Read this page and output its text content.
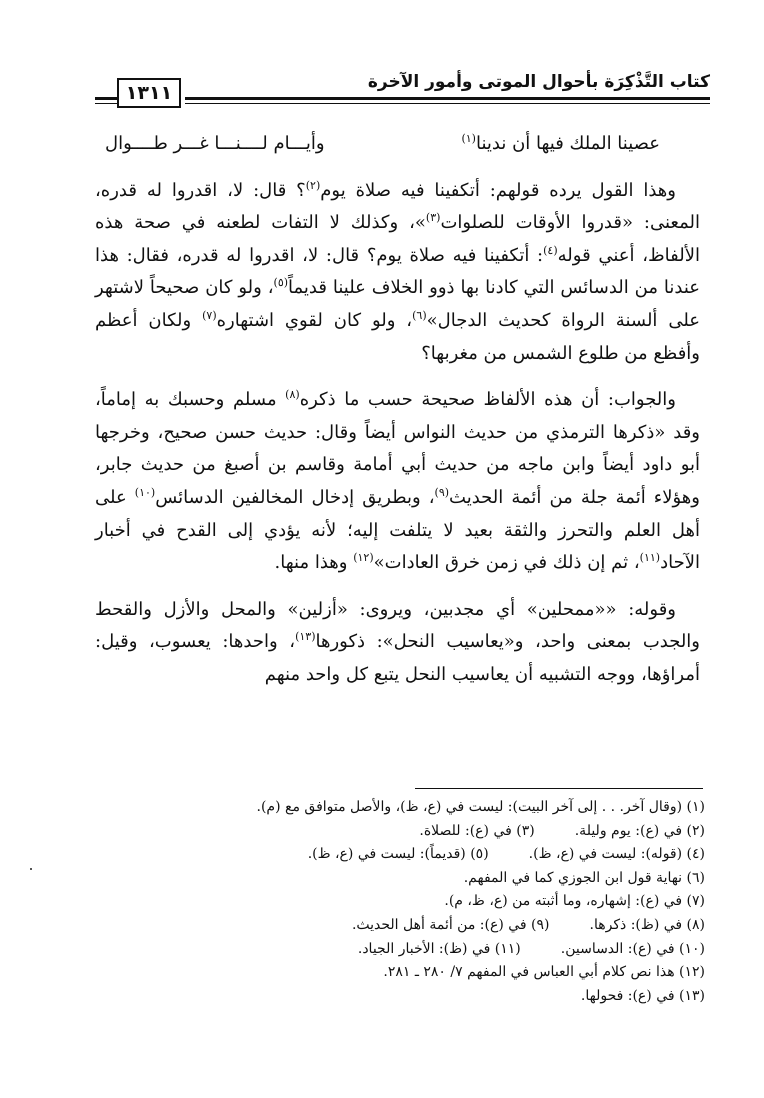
كتاب التَّذْكِرَة بأحوال الموتى وأمور الآخرة
١٣١١
عصينا الملك فيها أن ندينا$^{(١)}$
وأيـــام لــــنـــا غـــر طــــوال
وهذا القول يرده قولهم: أتكفينا فيه صلاة يوم$^{(٢)}$؟ قال: لا، اقدروا له قدره، المعنى: «قدروا الأوقات للصلوات$^{(٣)}$»، وكذلك لا التفات لطعنه في صحة هذه الألفاظ، أعني قوله$^{(٤)}$: أتكفينا فيه صلاة يوم؟ قال: لا، اقدروا له قدره، فقال: هذا عندنا من الدسائس التي كادنا بها ذوو الخلاف علينا قديماً$^{(٥)}$، ولو كان صحيحاً لاشتهر على ألسنة الرواة كحديث الدجال»$^{(٦)}$، ولو كان لقوي اشتهاره$^{(٧)}$ ولكان أعظم وأفظع من طلوع الشمس من مغربها؟
والجواب: أن هذه الألفاظ صحيحة حسب ما ذكره$^{(٨)}$ مسلم وحسبك به إماماً، وقد «ذكرها الترمذي من حديث النواس أيضاً وقال: حديث حسن صحيح، وخرجها أبو داود أيضاً وابن ماجه من حديث أبي أمامة وقاسم بن أصبغ من حديث جابر، وهؤلاء أئمة جلة من أئمة الحديث$^{(٩)}$، وبطريق إدخال المخالفين الدسائس$^{(١٠)}$ على أهل العلم والتحرز والثقة بعيد لا يتلفت إليه؛ لأنه يؤدي إلى القدح في أخبار الآحاد$^{(١١)}$، ثم إن ذلك في زمن خرق العادات»$^{(١٢)}$ وهذا منها.
وقوله: ««ممحلين» أي مجدبين، ويروى: «أزلين» والمحل والأزل والقحط والجدب بمعنى واحد، و«يعاسيب النحل»: ذكورها$^{(١٣)}$، واحدها: يعسوب، وقيل: أمراؤها، ووجه التشبيه أن يعاسيب النحل يتبع كل واحد منهم
(١) (وقال آخر. . . إلى آخر البيت): ليست في (ع، ظ)، والأصل متوافق مع (م).
(٢) في (ع): يوم وليلة.(٣) في (ع): للصلاة.
(٤) (قوله): ليست في (ع، ظ).(٥) (قديماً): ليست في (ع، ظ).
(٦) نهاية قول ابن الجوزي كما في المفهم.
(٧) في (ع): إشهاره، وما أثبته من (ع، ظ، م).
(٨) في (ظ): ذكرها.(٩) في (ع): من أئمة أهل الحديث.
(١٠) في (ع): الدساسين.(١١) في (ظ): الأخبار الجياد.
(١٢) هذا نص كلام أبي العباس في المفهم ٧/ ٢٨٠ ـ ٢٨١.
(١٣) في (ع): فحولها.
